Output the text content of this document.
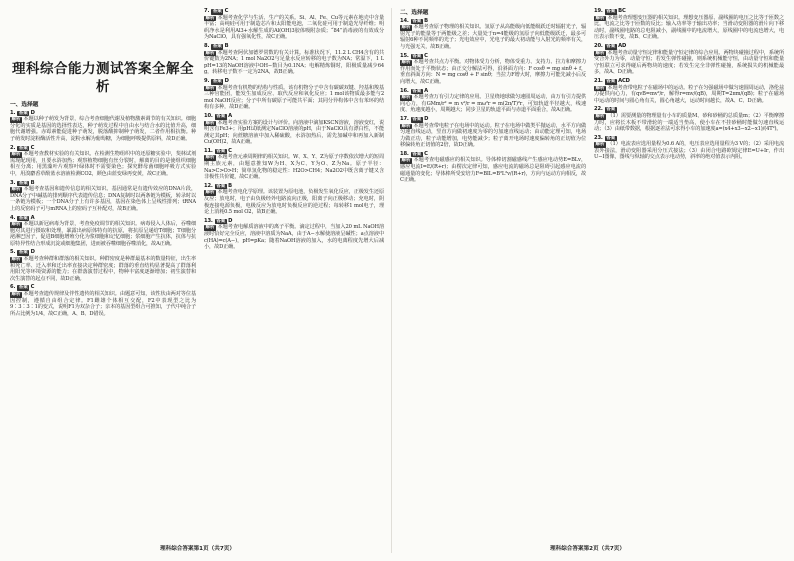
理科综合能力测试答案全解全析
一、选择题
1. 答案 D

解析 本题以种子萌发为背景，综合考查细胞代谢及植物激素调节的有关知识。细胞分化的实质是基因的选择性表达，种子萌发过程中自由水与结合水的比值升高，细胞代谢增强。赤霉素能促进种子萌发，脱落酸抑制种子萌发，二者作用相抗衡。种子萌发时淀粉酶活性升高，淀粉水解为葡萄糖，为细胞呼吸提供原料，故D正确。

2. 答案 C

解析 本题考查教材实验的有关知识。在检测生物组织中的还原糖实验中，斐林试剂需现配现用，且要水浴加热；观察植物细胞有丝分裂时，解离的目的是使组织细胞相互分离；用黑藻叶片观察叶绿体时不需要染色；探究酵母菌细胞呼吸方式实验中，用溴麝香草酚蓝水溶液检测CO2，颜色由蓝变绿再变黄，故C正确。

3. 答案 B

解析 本题考查基因和遗传信息的相关知识。基因通常是有遗传效应的DNA片段，DNA分子中碱基的排列顺序代表遗传信息；DNA复制时以两条链为模板，转录时以一条链为模板；一个DNA分子上有许多基因，基因在染色体上呈线性排列；tRNA上的反密码子可与mRNA上的密码子互补配对，故B正确。

4. 答案 A

解析 本题以新冠病毒为背景，考查免疫调节的相关知识。病毒侵入人体后，吞噬细胞对其进行摄取和处理，暴露出病原体特有的抗原，将抗原呈递给T细胞；T细胞分泌淋巴因子，促进B细胞增殖分化为浆细胞和记忆细胞；浆细胞产生抗体，抗体与抗原特异性结合形成沉淀或细胞集团，进而被吞噬细胞吞噬消化，故A正确。

5. 答案 D

解析 本题考查种群和群落的相关知识。种群密度是种群最基本的数量特征，出生率和死亡率、迁入率和迁出率直接决定种群密度；群落的垂直结构显著提高了群落利用阳光等环境资源的能力；在群落演替过程中，物种丰富度逐渐增加；初生演替和次生演替的起点不同，故D正确。

6. 答案 C

解析 本题考查遗传规律及伴性遗传的相关知识。由题意可知，该性状由两对等位基因控制，遵循自由组合定律。F1雌雄个体相互交配，F2中表现型之比为9∶3∶3∶1的变式，说明F1为双杂合子；亲本的基因型组合可推知，子代中纯合子所占比例为1/4，故C正确，A、B、D错误。

7. 答案 C

解析 本题考查化学与生活、生产的关系。Si、Al、Fe、Cu等元素在地壳中含量丰富；高纯硅可用于制造芯片和太阳能电池，二氧化硅可用于制造光导纤维；明矾净水是利用Al3+水解生成的Al(OH)3胶体吸附杂质；“84”消毒液的有效成分为NaClO，具有强氧化性，故C正确。

8. 答案 B

解析 本题考查阿伏加德罗常数的有关计算。标准状况下，11.2 L CH4含有的共价键数为2NA；1 mol Na2O2与足量水反应转移的电子数为NA；常温下，1 L pH=13的NaOH溶液中OH−数目为0.1NA；电解精炼铜时，阳极质量减少64 g，转移电子数不一定为2NA，故B正确。

9. 答案 D

解析 本题考查有机物的结构与性质。该有机物分子中含有碳碳双键、羟基和羧基三种官能团，能发生加成反应、取代反应和氧化反应；1 mol该物质最多能与2 mol NaOH反应；分子中所有碳原子可能共平面；其同分异构体中含有苯环的结构有多种，故D正确。

10. 答案 A

解析 本题考查实验方案的设计与评价。向溶液中滴加KSCN溶液，溶液变红，说明含有Fe3+；用pH试纸测定NaClO溶液的pH，由于NaClO具有漂白性，不能测定其pH；向蔗糖溶液中加入稀硫酸，水浴加热后，需先加碱中和再加入新制Cu(OH)2，故A正确。

11. 答案 C

解析 本题考查元素周期律的相关知识。W、X、Y、Z为原子序数依次增大的短周期主族元素，由题意推知W为H、X为C、Y为O、Z为Na。原子半径：Na>C>O>H；简单氢化物的稳定性：H2O>CH4；Na2O2中既含离子键又含非极性共价键，故C正确。

12. 答案 B

解析 本题考查电化学原理。该装置为原电池，负极发生氧化反应，正极发生还原反应；放电时，电子由负极经外电路流向正极，阳离子向正极移动；充电时，阴极连接电源负极，电极反应为放电时负极反应的逆过程；每转移1 mol电子，理论上消耗0.5 mol O2，故B正确。

13. 答案 D

解析 本题考查电解质溶液中的离子平衡。滴定过程中，当加入20 mL NaOH溶液时恰好完全反应，溶液中溶质为NaA，由于A−水解使溶液呈碱性；a点溶液中c(HA)=c(A−)，pH=pKa；随着NaOH溶液的加入，水的电离程度先增大后减小，故D正确。

理科综合答案第1页（共7页）
二、选择题
14. 答案 B

解析 本题考查原子物理的相关知识。氢原子从高能级向低能级跃迁时辐射光子，辐射光子的能量等于两能级之差；大量处于n=4能级的氢原子向低能级跃迁，最多可辐射6种不同频率的光子；光电效应中，光电子的最大初动能与入射光的频率有关，与光强无关，故B正确。

15. 答案 C

解析 本题考查共点力平衡。对物体受力分析，物体受重力、支持力、拉力和摩擦力作用而处于平衡状态；由正交分解法可得，沿斜面方向：F cosθ = mg sinθ + f，垂直斜面方向：N = mg cosθ + F sinθ；当拉力F增大时，摩擦力可能先减小后反向增大，故C正确。

16. 答案 A

解析 本题考查万有引力定律的应用。卫星绕地球做匀速圆周运动，由万有引力提供向心力，有GMm/r² = m v²/r = mω²r = m(2π/T)²r，可知轨道半径越大，线速度、角速度越小，周期越大；同步卫星的轨道平面与赤道平面重合，故A正确。

17. 答案 D

解析 本题考查带电粒子在电场中的运动。粒子在电场中做类平抛运动，水平方向做匀速直线运动，竖直方向做初速度为零的匀加速直线运动；由动能定理可知，电场力做正功，粒子动能增加，电势能减少；粒子离开电场时速度偏转角的正切值为位移偏转角正切值的2倍，故D正确。

18. 答案 C

解析 本题考查电磁感应的相关知识。导体棒切割磁感线产生感应电动势E=BLv，感应电流I=E/(R+r)；由楞次定律可知，感应电流的磁场总是阻碍引起感应电流的磁通量的变化；导体棒所受安培力F=BIL=B²L²v/(R+r)，方向与运动方向相反，故C正确。

19. 答案 BC

解析 本题考查理想变压器的相关知识。理想变压器原、副线圈的电压之比等于匝数之比，电流之比等于匝数的反比；输入功率等于输出功率；当滑动变阻器的滑片向下移动时，副线圈电路的总电阻减小，副线圈中的电流增大，原线圈中的电流也增大，电压表示数不变，故B、C正确。

20. 答案 AD

解析 本题考查动量守恒定律和能量守恒定律的综合应用。两物块碰撞过程中，系统所受合外力为零，动量守恒；若发生弹性碰撞，则系统机械能守恒，由动量守恒和能量守恒联立可求得碰后两物块的速度；若发生完全非弹性碰撞，系统损失的机械能最多，故A、D正确。

21. 答案 ACD

解析 本题考查带电粒子在磁场中的运动。粒子在匀强磁场中做匀速圆周运动，洛伦兹力提供向心力，有qvB=mv²/r，解得r=mv/(qB)，周期T=2πm/(qB)；粒子在磁场中运动的时间与圆心角有关，圆心角越大，运动时间越长，故A、C、D正确。

22. 答案

解析 （1）需要测量的物理量有小车的质量M、砂和砂桶的总质量m；（2）平衡摩擦力时，应将长木板不带滑轮的一端适当垫高，使小车在不挂砂桶时能做匀速直线运动；（3）由纸带数据，根据逐差法可求得小车的加速度a=(x4+x3−x2−x1)/(4T²)。

23. 答案

解析 （1）电流表应选用量程为0.6 A的，电压表应选用量程为3 V的；（2）采用电流表外接法，滑动变阻器采用分压式接法；（3）由闭合电路欧姆定律E=U+Ir，作出U−I图像，图线与纵轴的交点表示电动势，斜率的绝对值表示内阻。

理科综合答案第2页（共7页）
